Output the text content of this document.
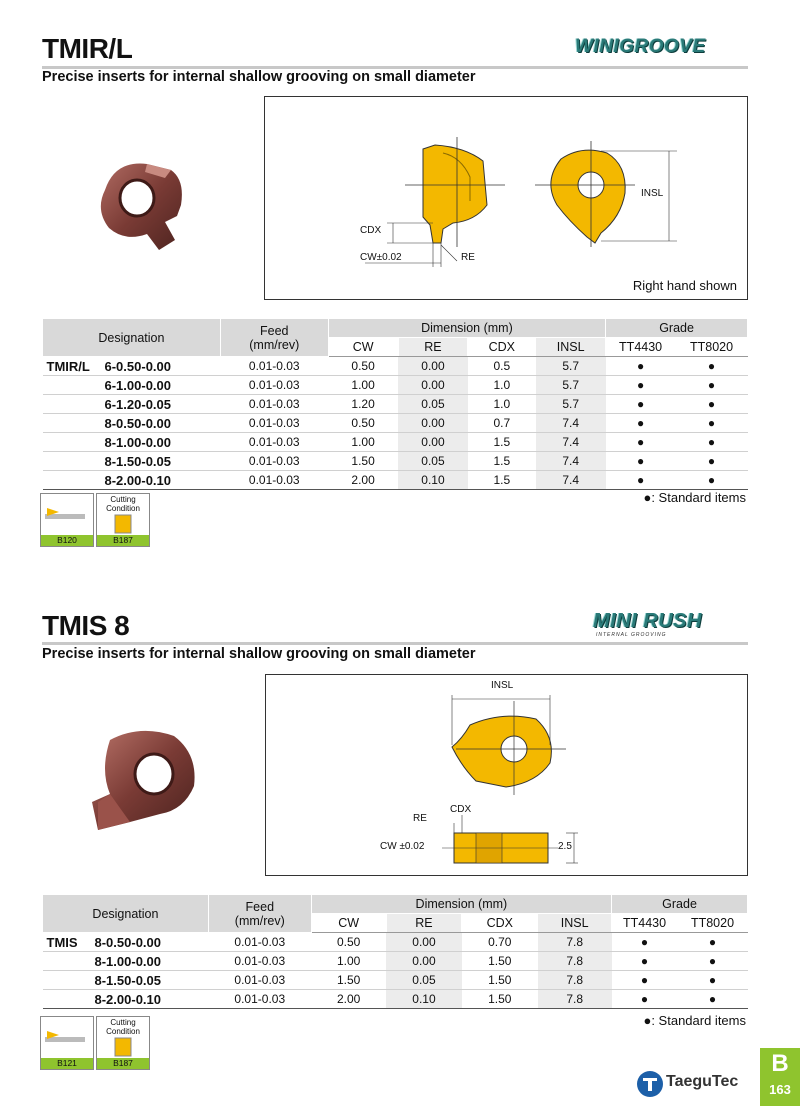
TMIR/L	WINIGROOVE
Precise inserts for internal shallow grooving on small diameter
CDX
CW±0.02	RE
INSL
Right hand shown
Designation	Feed
(mm/rev)	Dimension (mm)				Grade	
		CW	RE	CDX	INSL	TT4430	TT8020
TMIR/L 6-0.50-0.00	0.01-0.03	0.50	0.00	0.5	5.7	●	●
6-1.00-0.00	0.01-0.03	1.00	0.00	1.0	5.7	●	●
6-1.20-0.05	0.01-0.03	1.20	0.05	1.0	5.7	●	●
8-0.50-0.00	0.01-0.03	0.50	0.00	0.7	7.4	●	●
8-1.00-0.00	0.01-0.03	1.00	0.00	1.5	7.4	●	●
8-1.50-0.05	0.01-0.03	1.50	0.05	1.5	7.4	●	●
8-2.00-0.10	0.01-0.03	2.00	0.10	1.5	7.4	●	●
B120
Cutting
Condition
B187
●: Standard items
TMIS 8	MINI RUSH
INTERNAL GROOVING
Precise inserts for internal shallow grooving on small diameter
INSL
CDX
RE
CW ±0.02	2.5
Designation	Feed
(mm/rev)	Dimension (mm)				Grade	
		CW	RE	CDX	INSL	TT4430	TT8020
TMIS 8-0.50-0.00	0.01-0.03	0.50	0.00	0.70	7.8	●	●
8-1.00-0.00	0.01-0.03	1.00	0.00	1.50	7.8	●	●
8-1.50-0.05	0.01-0.03	1.50	0.05	1.50	7.8	●	●
8-2.00-0.10	0.01-0.03	2.00	0.10	1.50	7.8	●	●
B121
Cutting
Condition
B187
●: Standard items
B
163
TaeguTec
